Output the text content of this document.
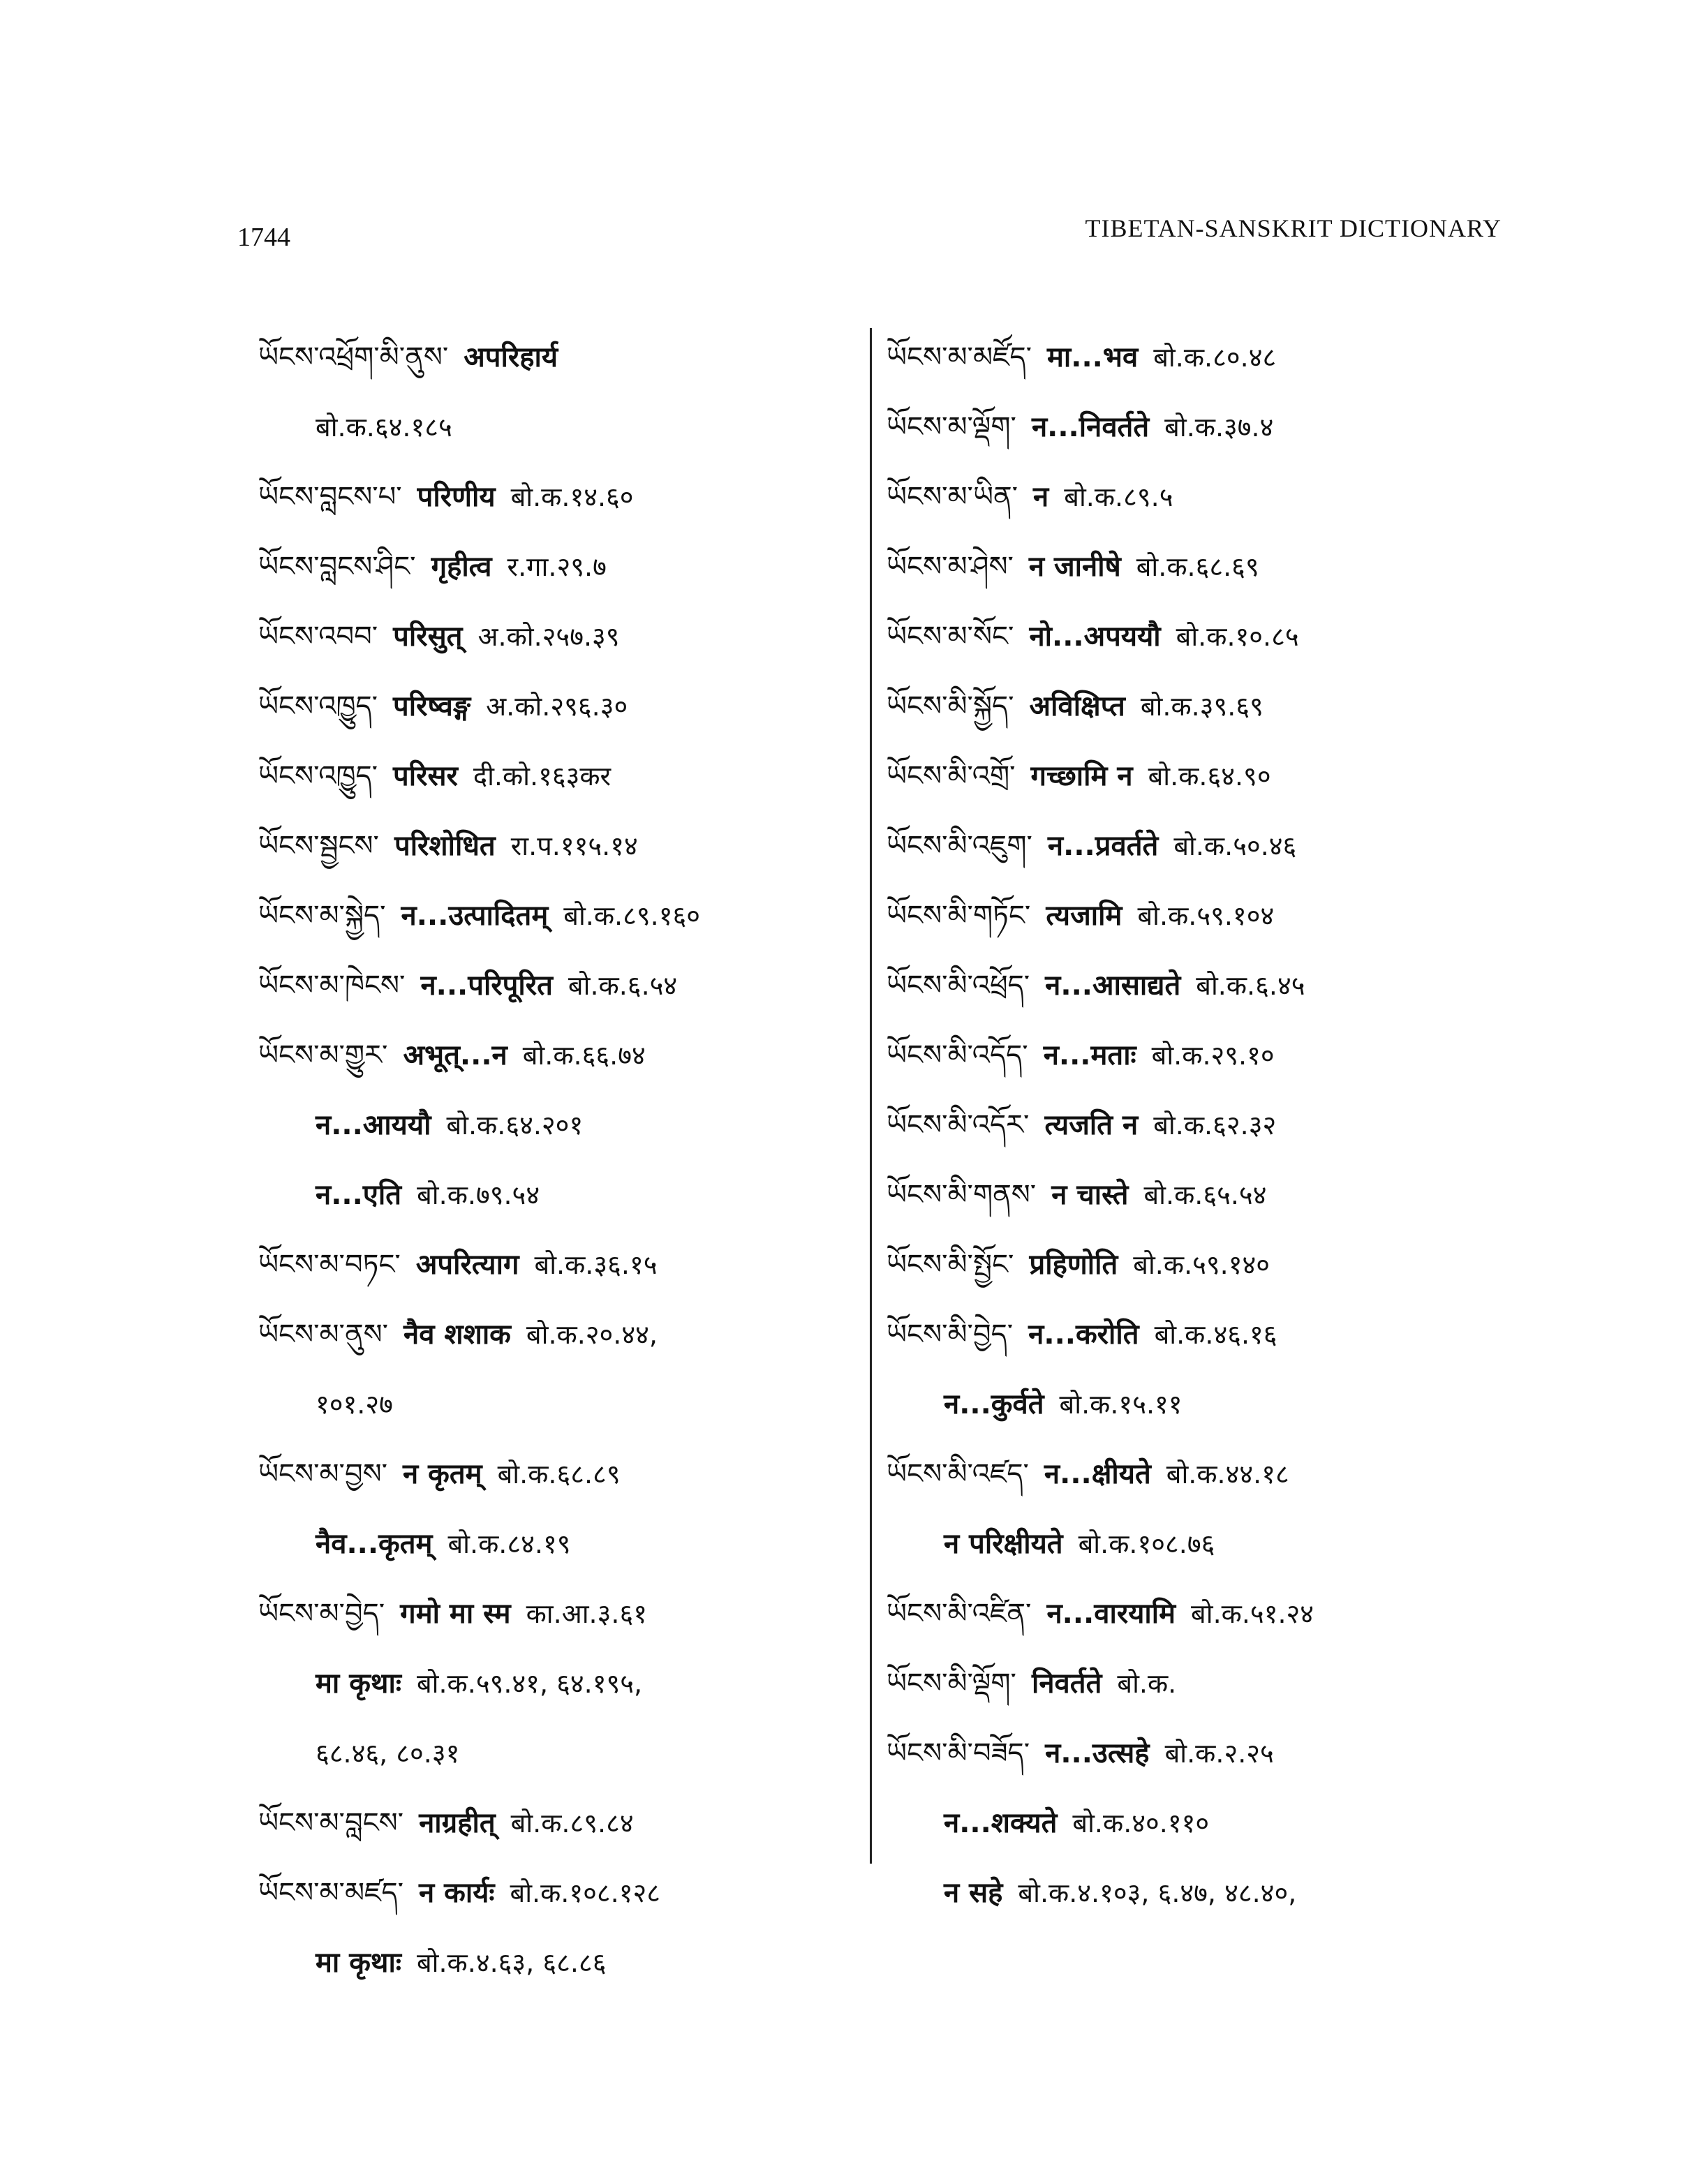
1744	TIBETAN-SANSKRIT DICTIONARY
ཡོངས་འཕྲོག་མི་ནུས་ अपरिहार्य
बो.क.६४.१८५
ཡོངས་བླངས་པ་ परिणीय बो.क.१४.६०
ཡོངས་བླངས་ཤིང་ गृहीत्व र.गा.२९.७
ཡོངས་འབབ་ परिसुत् अ.को.२५७.३९
ཡོངས་འཁྱུད་ परिष्वङ्ग अ.को.२९६.३०
ཡོངས་འཁྱུད་ परिसर दी.को.१६३कर
ཡོངས་སྦྱངས་ परिशोधित रा.प.११५.१४
ཡོངས་མ་སྐྱེད་ न...उत्पादितम् बो.क.८९.१६०
ཡོངས་མ་ཁེངས་ न...परिपूरित बो.क.६.५४
ཡོངས་མ་གྱུར་ अभूत्...न बो.क.६६.७४
न...आययौ बो.क.६४.२०१
न...एति बो.क.७९.५४
ཡོངས་མ་བཏང་ अपरित्याग बो.क.३६.१५
ཡོངས་མ་ནུས་ नैव शशाक बो.क.२०.४४,
१०१.२७
ཡོངས་མ་བྱས་ न कृतम् बो.क.६८.८९
नैव...कृतम् बो.क.८४.१९
ཡོངས་མ་བྱེད་ गमो मा स्म का.आ.३.६१
मा कृथाः बो.क.५९.४१, ६४.१९५,
६८.४६, ८०.३१
ཡོངས་མ་བླངས་ नाग्रहीत् बो.क.८९.८४
ཡོངས་མ་མཛད་ न कार्यः बो.क.१०८.१२८
मा कृथाः बो.क.४.६३, ६८.८६
ཡོངས་མ་མཛོད་ मा...भव बो.क.८०.४८
ཡོངས་མ་ལྡོག་ न...निवर्तते बो.क.३७.४
ཡོངས་མ་ཡིན་ न बो.क.८९.५
ཡོངས་མ་ཤེས་ न जानीषे बो.क.६८.६९
ཡོངས་མ་སོང་ नो...अपययौ बो.क.१०.८५
ཡོངས་མི་སྐྱོད་ अविक्षिप्त बो.क.३९.६९
ཡོངས་མི་འགྲོ་ गच्छामि न बो.क.६४.९०
ཡོངས་མི་འཇུག་ न...प्रवर्तते बो.क.५०.४६
ཡོངས་མི་གཏོང་ त्यजामि बो.क.५९.१०४
ཡོངས་མི་འཕྲོད་ न...आसाद्यते बो.क.६.४५
ཡོངས་མི་འདོད་ न...मताः बो.क.२९.१०
ཡོངས་མི་འདོར་ त्यजति न बो.क.६२.३२
ཡོངས་མི་གནས་ न चास्ते बो.क.६५.५४
ཡོངས་མི་སྤྱོང་ प्रहिणोति बो.क.५९.१४०
ཡོངས་མི་བྱེད་ न...करोति बो.क.४६.१६
न...कुर्वते बो.क.१५.११
ཡོངས་མི་འཛད་ न...क्षीयते बो.क.४४.१८
न परिक्षीयते बो.क.१०८.७६
ཡོངས་མི་འཛིན་ न...वारयामि बो.क.५१.२४
ཡོངས་མི་ལྡོག་ निवर्तते बो.क.
ཡོངས་མི་བཟོད་ न...उत्सहे बो.क.२.२५
न...शक्यते बो.क.४०.११०
न सहे बो.क.४.१०३, ६.४७, ४८.४०,
